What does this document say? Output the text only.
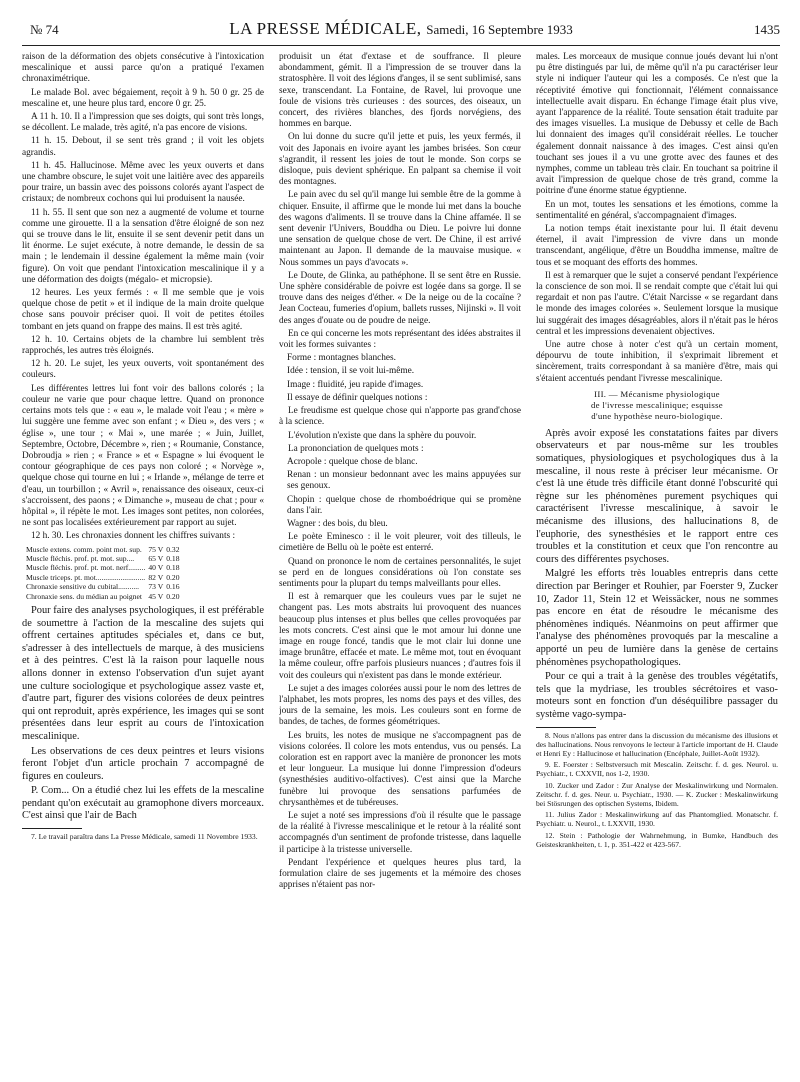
№ 74	LA PRESSE MÉDICALE, Samedi, 16 Septembre 1933	1435

raison de la déformation des objets consécutive à l'intoxication mescalinique et aussi parce qu'on a pratiqué l'examen chronaximétrique.

Le malade Bol. avec bégaiement, reçoit à 9 h. 50 0 gr. 25 de mescaline et, une heure plus tard, encore 0 gr. 25.

A 11 h. 10. Il a l'impression que ses doigts, qui sont très longs, se décollent. Le malade, très agité, n'a pas encore de visions.

11 h. 15. Debout, il se sent très grand ; il voit les objets agrandis.

11 h. 45. Hallucinose. Même avec les yeux ouverts et dans une chambre obscure, le sujet voit une laitière avec des appareils pour traire, un bassin avec des poissons colorés ayant l'aspect de cristaux; de nombreux cochons qui lui produisent la nausée.

11 h. 55. Il sent que son nez a augmenté de volume et tourne comme une girouette. Il a la sensation d'être éloigné de son nez qui se trouve dans le lit, ensuite il se sent devenir petit dans un lit énorme. Le sujet exécute, à notre demande, le dessin de sa main ; le lendemain il dessine également la même main (voir figure). On voit que pendant l'intoxication mescalinique il y a une déformation des doigts (mégalo- et micropsie).

12 heures. Les yeux fermés : « Il me semble que je vois quelque chose de petit » et il indique de la main droite quelque chose sans pouvoir préciser quoi. Il voit de petites étoiles tombant en jets quand on frappe des mains. Il est très agité.

12 h. 10. Certains objets de la chambre lui semblent très rapprochés, les autres très éloignés.

12 h. 20. Le sujet, les yeux ouverts, voit spontanément des couleurs.

Les différentes lettres lui font voir des ballons colorés ; la couleur ne varie que pour chaque lettre. Quand on prononce certains mots tels que : « eau », le malade voit l'eau ; « mère » lui suggère une femme avec son enfant ; « Dieu », des vers ; « église », une tour ; « Mai », une marée ; « Juin, Juillet, Septembre, Octobre, Décembre », rien ; « Roumanie, Constance, Dobroudja » rien ; « France » et « Espagne » lui évoquent le contour géographique de ces pays non coloré ; « Norvège », quelque chose qui tourne en lui ; « Irlande », mélange de terre et d'eau, un tourbillon ; « Avril », renaissance des oiseaux, ceux-ci s'accroissent, des paons ; « Dimanche », museau de chat ; pour « hôpital », il répète le mot. Les images sont petites, non colorées, ne sont pas localisées extérieurement par rapport au sujet.

12 h. 30. Les chronaxies donnent les chiffres suivants :

Muscle extens. comm. point mot. sup.	75 V	0.32
Muscle fléchis. prof. pt. mot. sup....	65 V	0.18
Muscle fléchis. prof. pt. mot. nerf.........	40 V	0.18
Muscle triceps. pt. mot..........................	82 V	0.20
Chronaxie sensitive du cubital...........	73 V	0.16
Chronaxie sens. du médian au poignet	45 V	0.20

Pour faire des analyses psychologiques, il est préférable de soumettre à l'action de la mescaline des sujets qui offrent certaines aptitudes spéciales et, dans ce but, s'adresser à des intellectuels de marque, à des musiciens et à des peintres. C'est là la raison pour laquelle nous allons donner in extenso l'observation d'un sujet ayant une culture sociologique et psychologique assez vaste et, d'autre part, figurer des visions colorées de deux peintres qui ont reproduit, après expérience, les images qui se sont présentées dans leur esprit au cours de l'intoxication mescalinique.

Les observations de ces deux peintres et leurs visions feront l'objet d'un article prochain 7 accompagné de figures en couleurs.

P. Com... On a étudié chez lui les effets de la mescaline pendant qu'on exécutait au gramophone divers morceaux. C'est ainsi que l'air de Bach

7. Le travail paraîtra dans La Presse Médicale, samedi 11 Novembre 1933.

produisit un état d'extase et de souffrance. Il pleure abondamment, gémit. Il a l'impression de se trouver dans la stratosphère. Il voit des légions d'anges, il se sent sublimisé, sans sexe, transcendant. La Fontaine, de Ravel, lui provoque une foule de visions très curieuses : des sources, des oiseaux, un concert, des rivières blanches, des fjords norvégiens, des hommes en barque.

On lui donne du sucre qu'il jette et puis, les yeux fermés, il voit des Japonais en ivoire ayant les jambes brisées. Son cœur s'agrandit, il ressent les joies de tout le monde. Son corps se disloque, puis devient sphérique. En palpant sa chemise il voit des montagnes.

Le pain avec du sel qu'il mange lui semble être de la gomme à chiquer. Ensuite, il affirme que le monde lui met dans la bouche des wagons d'aliments. Il se trouve dans la Chine affamée. Il se sent devenir l'Univers, Bouddha ou Dieu. Le poivre lui donne une sensation de quelque chose de vert. De Chine, il est arrivé maintenant au Japon. Il demande de la mauvaise musique. « Nous sommes un pays d'avocats ».

Le Doute, de Glinka, au pathéphone. Il se sent être en Russie. Une sphère considérable de poivre est logée dans sa gorge. Il se trouve dans des neiges d'éther. « De la neige ou de la cocaïne ? Jean Cocteau, fumeries d'opium, ballets russes, Nijinski ». Il voit des anges d'ouate ou de poudre de neige.

En ce qui concerne les mots représentant des idées abstraites il voit les formes suivantes :

Forme : montagnes blanches.

Idée : tension, il se voit lui-même.

Image : fluidité, jeu rapide d'images.

Il essaye de définir quelques notions :

Le freudisme est quelque chose qui n'apporte pas grand'chose à la science.

L'évolution n'existe que dans la sphère du pouvoir.

La prononciation de quelques mots :

Acropole : quelque chose de blanc.

Renan : un monsieur bedonnant avec les mains appuyées sur ses genoux.

Chopin : quelque chose de rhomboédrique qui se promène dans l'air.

Wagner : des bois, du bleu.

Le poète Eminesco : il le voit pleurer, voit des tilleuls, le cimetière de Bellu où le poète est enterré.

Quand on prononce le nom de certaines personnalités, le sujet se perd en de longues considérations où l'on constate ses sentiments pour la plupart du temps malveillants pour elles.

Il est à remarquer que les couleurs vues par le sujet ne changent pas. Les mots abstraits lui provoquent des nuances beaucoup plus intenses et plus belles que celles provoquées par les mots concrets. C'est ainsi que le mot amour lui donne une image en rouge foncé, tandis que le mot clair lui donne une image brunâtre, effacée et mate. Le même mot, tout en évoquant la même couleur, offre parfois plusieurs nuances ; d'autres fois il voit des couleurs qui n'existent pas dans le monde extérieur.

Le sujet a des images colorées aussi pour le nom des lettres de l'alphabet, les mots propres, les noms des pays et des villes, des jours de la semaine, les mois. Les couleurs sont en forme de bandes, de taches, de formes géométriques.

Les bruits, les notes de musique ne s'accompagnent pas de visions colorées. Il colore les mots entendus, vus ou pensés. La coloration est en rapport avec la manière de prononcer les mots et leur longueur. La musique lui donne l'impression d'odeurs (synesthésies auditivo-olfactives). C'est ainsi que la Marche funèbre lui provoque des sensations parfumées de chrysanthèmes et de tubéreuses.

Le sujet a noté ses impressions d'où il résulte que le passage de la réalité à l'ivresse mescalinique et le retour à la réalité sont accompagnés d'un sentiment de profonde tristesse, dans laquelle il participe à la tristesse universelle.

Pendant l'expérience et quelques heures plus tard, la formulation claire de ses jugements et la mémoire des choses apprises n'étaient pas nor-

males. Les morceaux de musique connue joués devant lui n'ont pu être distingués par lui, de même qu'il n'a pu caractériser leur style ni indiquer l'auteur qui les a composés. Ce n'est que la réceptivité émotive qui fonctionnait, l'élément connaissance intellectuelle avait disparu. En échange l'image était plus vive, ayant l'apparence de la réalité. Toute sensation était traduite par des images visuelles. La musique de Debussy et celle de Bach lui donnaient des images qu'il considérait réelles. Le toucher également donnait naissance à des images. C'est ainsi qu'en touchant ses joues il a vu une grotte avec des faunes et des nymphes, comme un tableau très clair. En touchant sa poitrine il avait l'impression de quelque chose de très grand, comme la poitrine d'une énorme statue égyptienne.

En un mot, toutes les sensations et les émotions, comme la sentimentalité en général, s'accompagnaient d'images.

La notion temps était inexistante pour lui. Il était devenu éternel, il avait l'impression de vivre dans un monde transcendant, angélique, d'être un Bouddha immense, maître de tous et se moquant des efforts des hommes.

Il est à remarquer que le sujet a conservé pendant l'expérience la conscience de son moi. Il se rendait compte que c'était lui qui regardait et non pas l'autre. C'était Narcisse « se regardant dans le monde des images colorées ». Seulement lorsque la musique lui suggérait des images désagréables, alors il n'était pas le héros central et les impressions devenaient objectives.

Une autre chose à noter c'est qu'à un certain moment, dépourvu de toute inhibition, il s'exprimait librement et sincèrement, traits correspondant à sa manière d'être, mais qui s'étaient accentués pendant l'ivresse mescalinique.

III. — Mécanisme physiologique
de l'ivresse mescalinique; esquisse
d'une hypothèse neuro-biologique.

Après avoir exposé les constatations faites par divers observateurs et par nous-même sur les troubles somatiques, physiologiques et psychologiques dus à la mescaline, il nous reste à préciser leur mécanisme. Or c'est là une étude très difficile étant donné l'obscurité qui règne sur les phénomènes purement psychiques qui caractérisent l'ivresse mescalinique, à savoir le mécanisme des illusions, des hallucinations 8, de l'euphorie, des synesthésies et le rapport entre ces troubles et la constitution et ceux que l'on rencontre au cours des différentes psychoses.

Malgré les efforts très louables entrepris dans cette direction par Beringer et Rouhier, par Foerster 9, Zucker 10, Zador 11, Stein 12 et Weissäcker, nous ne sommes pas encore en état de résoudre le mécanisme des phénomènes indiqués. Néanmoins on peut affirmer que l'analyse des phénomènes provoqués par la mescaline a apporté un peu de lumière dans la genèse de certains phénomènes psychopathologiques.

Pour ce qui a trait à la genèse des troubles végétatifs, tels que la mydriase, les troubles sécrétoires et vaso-moteurs sont en fonction d'un déséquilibre passager du système vago-sympa-

8. Nous n'allons pas entrer dans la discussion du mécanisme des illusions et des hallucinations. Nous renvoyons le lecteur à l'article important de H. Claude et Henri Ey : Hallucinose et hallucination (Encéphale, Juillet-Août 1932).

9. E. Foerster : Selbstversuch mit Mescalin. Zeitschr. f. d. ges. Neurol. u. Psychiatr., t. CXXVII, nos 1-2, 1930.

10. Zucker und Zador : Zur Analyse der Meskalinwirkung und Normalen. Zeitschr. f. d. ges. Neur. u. Psychiatr., 1930. — K. Zucker : Meskalinwirkung bei Stösrungen des optischen Systems, Ibidem.

11. Julius Zador : Meskalinwirkung auf das Phantomglied. Monatschr. f. Psychiatr. u. Neurol., t. LXXVII, 1930.

12. Stein : Pathologie der Wahrnehmung, in Bumke, Handbuch des Geisteskrankheiten, t. 1, p. 351-422 et 423-567.
